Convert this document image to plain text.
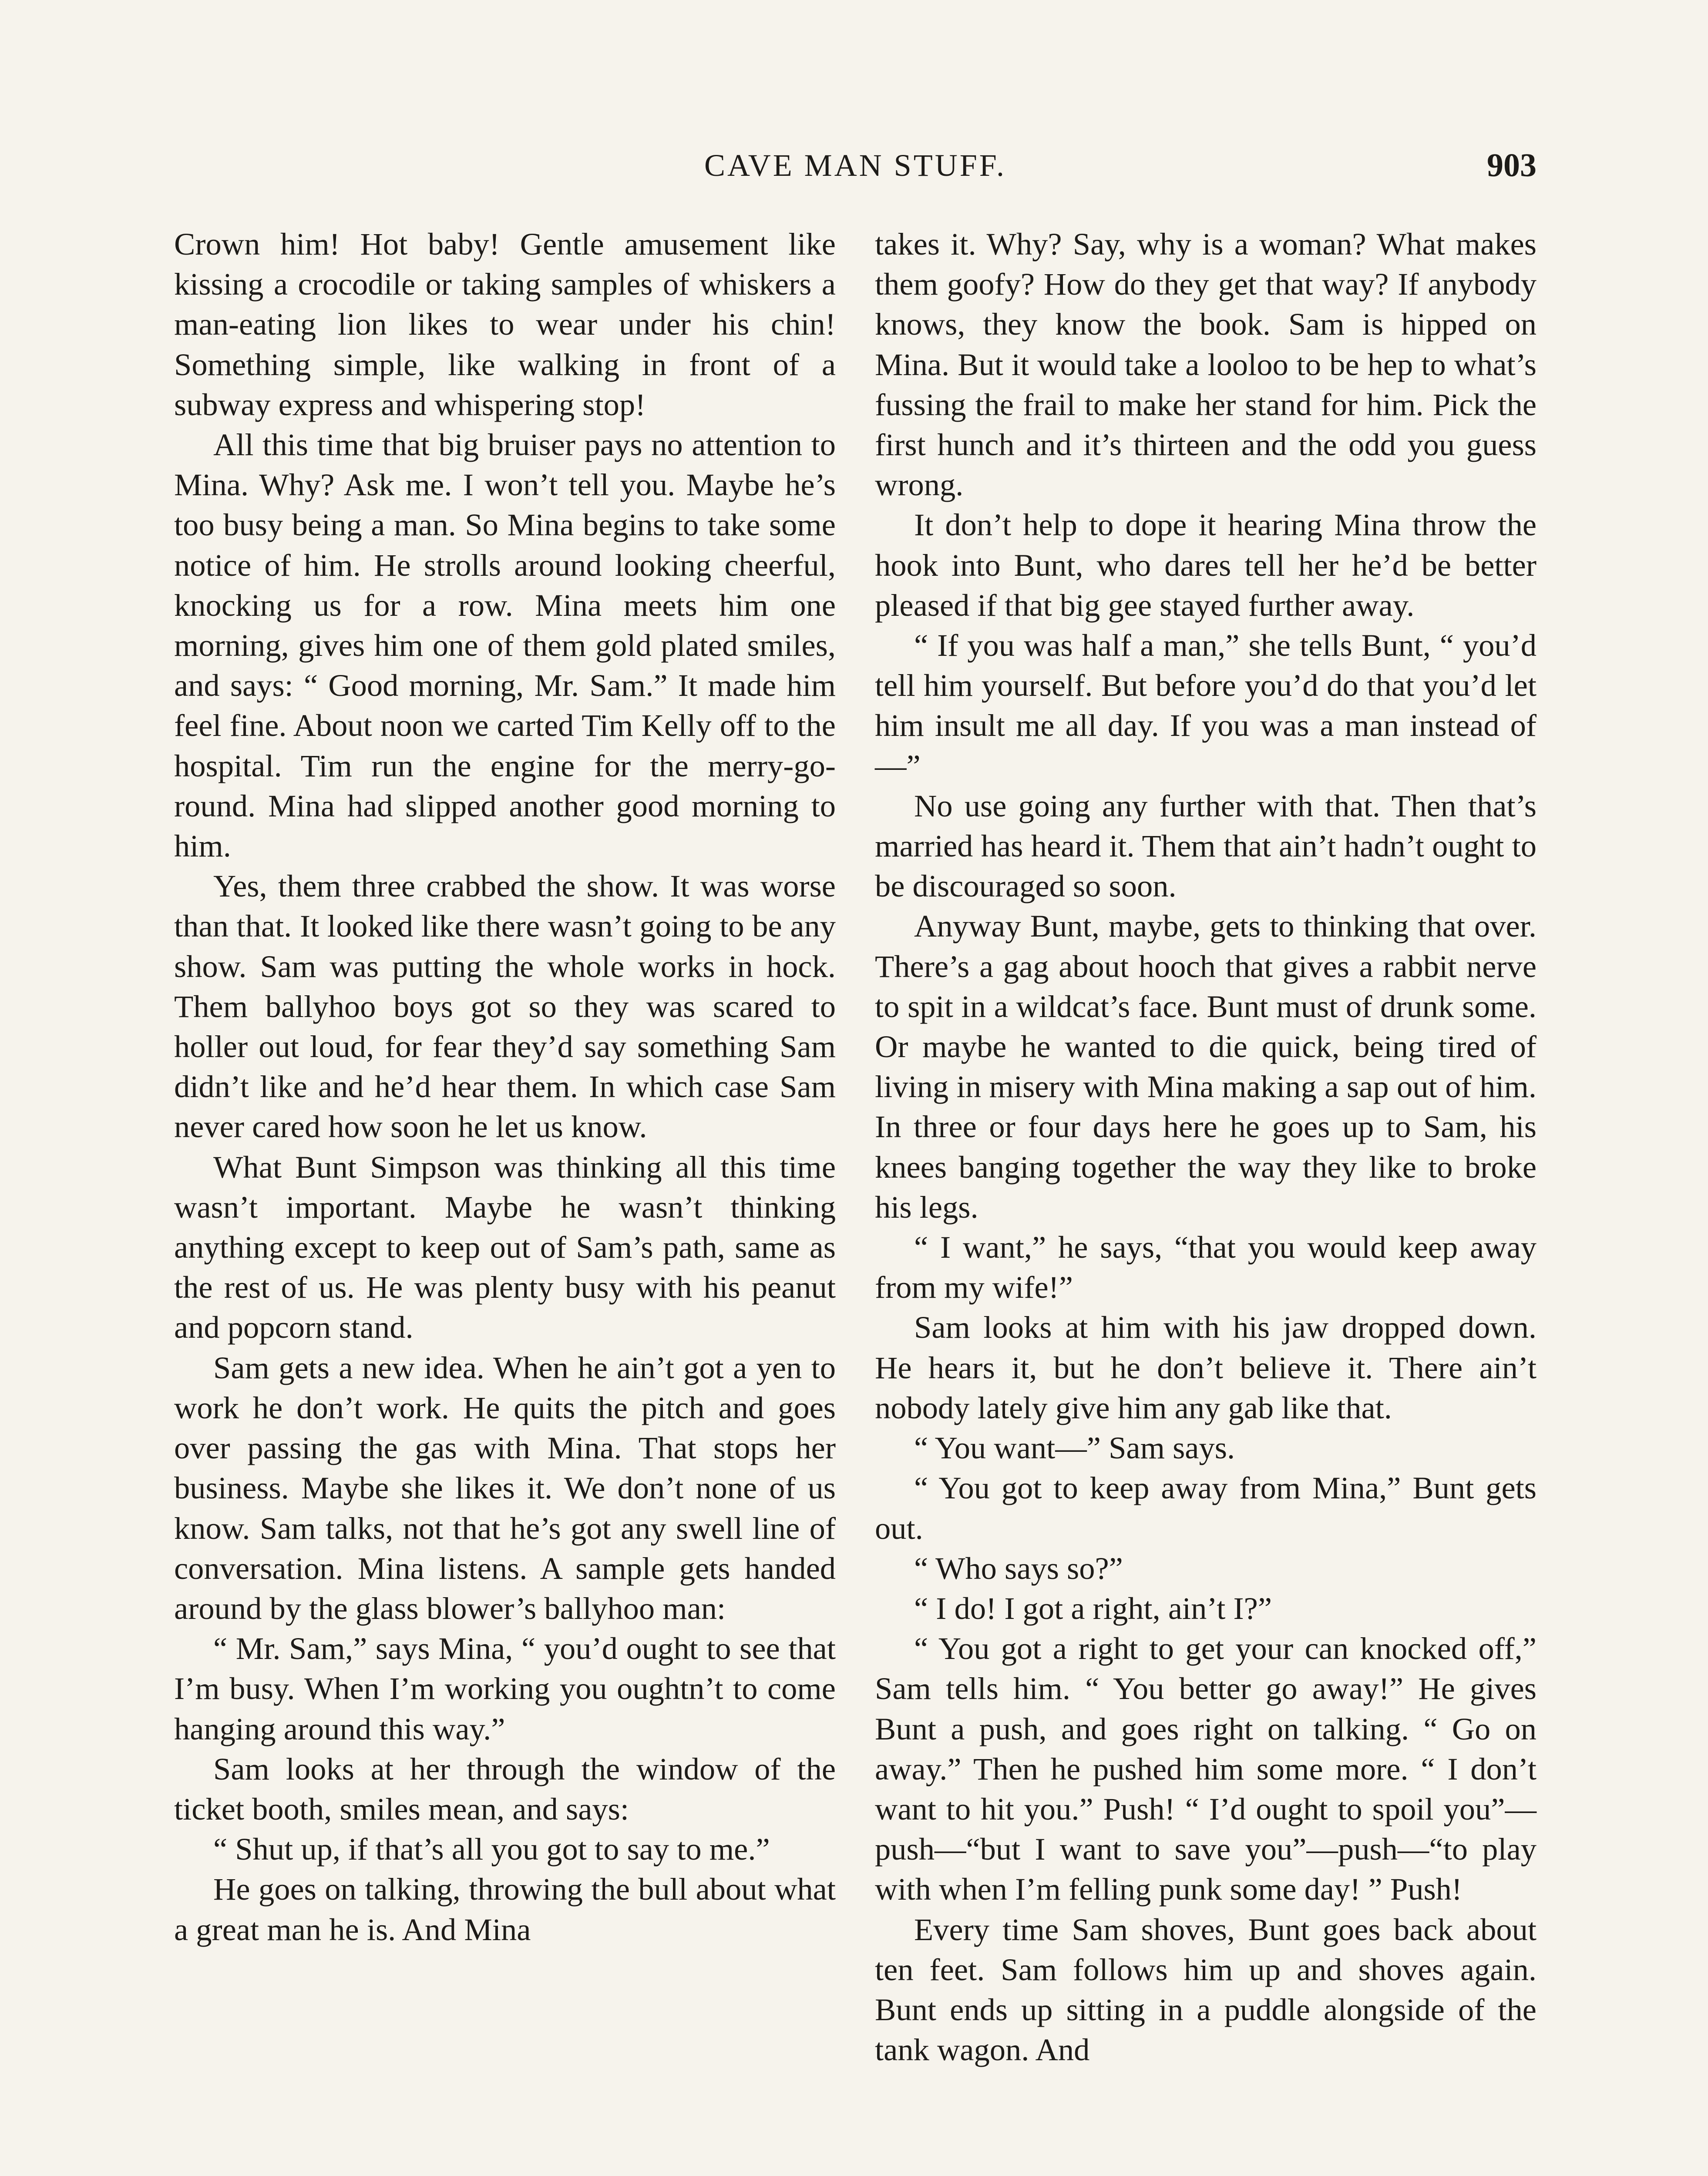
CAVE MAN STUFF.	903

Crown him! Hot baby! Gentle amusement like kissing a crocodile or taking samples of whiskers a man-eating lion likes to wear under his chin! Something simple, like walking in front of a subway express and whispering stop!

All this time that big bruiser pays no attention to Mina. Why? Ask me. I won’t tell you. Maybe he’s too busy being a man. So Mina begins to take some notice of him. He strolls around looking cheerful, knocking us for a row. Mina meets him one morning, gives him one of them gold plated smiles, and says: “ Good morning, Mr. Sam.” It made him feel fine. About noon we carted Tim Kelly off to the hospital. Tim run the engine for the merry-go-round. Mina had slipped another good morning to him.

Yes, them three crabbed the show. It was worse than that. It looked like there wasn’t going to be any show. Sam was putting the whole works in hock. Them ballyhoo boys got so they was scared to holler out loud, for fear they’d say something Sam didn’t like and he’d hear them. In which case Sam never cared how soon he let us know.

What Bunt Simpson was thinking all this time wasn’t important. Maybe he wasn’t thinking anything except to keep out of Sam’s path, same as the rest of us. He was plenty busy with his peanut and popcorn stand.

Sam gets a new idea. When he ain’t got a yen to work he don’t work. He quits the pitch and goes over passing the gas with Mina. That stops her business. Maybe she likes it. We don’t none of us know. Sam talks, not that he’s got any swell line of conversation. Mina listens. A sample gets handed around by the glass blower’s ballyhoo man:

“ Mr. Sam,” says Mina, “ you’d ought to see that I’m busy. When I’m working you oughtn’t to come hanging around this way.”

Sam looks at her through the window of the ticket booth, smiles mean, and says:

“ Shut up, if that’s all you got to say to me.”

He goes on talking, throwing the bull about what a great man he is. And Mina

takes it. Why? Say, why is a woman? What makes them goofy? How do they get that way? If anybody knows, they know the book. Sam is hipped on Mina. But it would take a looloo to be hep to what’s fussing the frail to make her stand for him. Pick the first hunch and it’s thirteen and the odd you guess wrong.

It don’t help to dope it hearing Mina throw the hook into Bunt, who dares tell her he’d be better pleased if that big gee stayed further away.

“ If you was half a man,” she tells Bunt, “ you’d tell him yourself. But before you’d do that you’d let him insult me all day. If you was a man instead of—”

No use going any further with that. Then that’s married has heard it. Them that ain’t hadn’t ought to be discouraged so soon.

Anyway Bunt, maybe, gets to thinking that over. There’s a gag about hooch that gives a rabbit nerve to spit in a wildcat’s face. Bunt must of drunk some. Or maybe he wanted to die quick, being tired of living in misery with Mina making a sap out of him. In three or four days here he goes up to Sam, his knees banging together the way they like to broke his legs.

“ I want,” he says, “that you would keep away from my wife!”

Sam looks at him with his jaw dropped down. He hears it, but he don’t believe it. There ain’t nobody lately give him any gab like that.

“ You want—” Sam says.

“ You got to keep away from Mina,” Bunt gets out.

“ Who says so?”

“ I do! I got a right, ain’t I?”

“ You got a right to get your can knocked off,” Sam tells him. “ You better go away!” He gives Bunt a push, and goes right on talking. “ Go on away.” Then he pushed him some more. “ I don’t want to hit you.” Push! “ I’d ought to spoil you”—push—“but I want to save you”—push—“to play with when I’m felling punk some day! ” Push!

Every time Sam shoves, Bunt goes back about ten feet. Sam follows him up and shoves again. Bunt ends up sitting in a puddle alongside of the tank wagon. And
